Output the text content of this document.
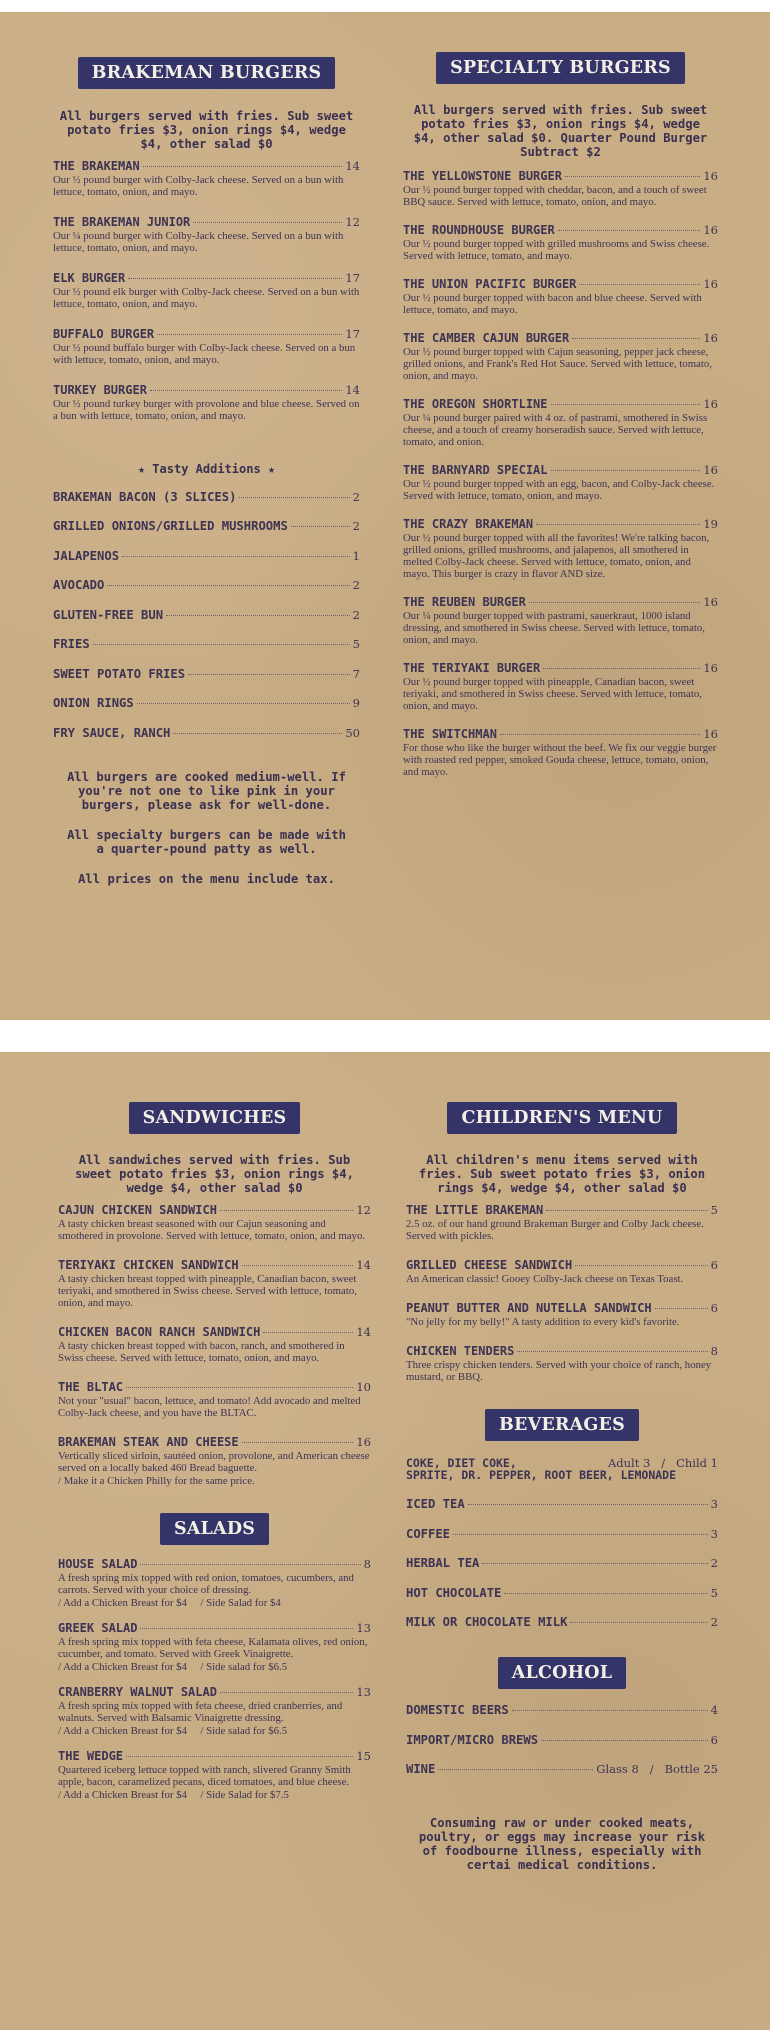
BRAKEMAN BURGERS
All burgers served with fries. Sub sweet potato fries $3, onion rings $4, wedge $4, other salad $0
THE BRAKEMAN	14
Our ½ pound burger with Colby-Jack cheese. Served on a bun with lettuce, tomato, onion, and mayo.
THE BRAKEMAN JUNIOR	12
Our ¼ pound burger with Colby-Jack cheese. Served on a bun with lettuce, tomato, onion, and mayo.
ELK BURGER	17
Our ½ pound elk burger with Colby-Jack cheese. Served on a bun with lettuce, tomato, onion, and mayo.
BUFFALO BURGER	17
Our ½ pound buffalo burger with Colby-Jack cheese. Served on a bun with lettuce, tomato, onion, and mayo.
TURKEY BURGER	14
Our ½ pound turkey burger with provolone and blue cheese. Served on a bun with lettuce, tomato, onion, and mayo.
★ Tasty Additions ★
BRAKEMAN BACON (3 SLICES)	2
GRILLED ONIONS/GRILLED MUSHROOMS	2
JALAPENOS	1
AVOCADO	2
GLUTEN-FREE BUN	2
FRIES	5
SWEET POTATO FRIES	7
ONION RINGS	9
FRY SAUCE, RANCH	50
All burgers are cooked medium-well. If you're not one to like pink in your burgers, please ask for well-done.
All specialty burgers can be made with a quarter-pound patty as well.
All prices on the menu include tax.
SPECIALTY BURGERS
All burgers served with fries. Sub sweet potato fries $3, onion rings $4, wedge $4, other salad $0. Quarter Pound Burger Subtract $2
THE YELLOWSTONE BURGER	16
Our ½ pound burger topped with cheddar, bacon, and a touch of sweet BBQ sauce. Served with lettuce, tomato, onion, and mayo.
THE ROUNDHOUSE BURGER	16
Our ½ pound burger topped with grilled mushrooms and Swiss cheese. Served with lettuce, tomato, and mayo.
THE UNION PACIFIC BURGER	16
Our ½ pound burger topped with bacon and blue cheese. Served with lettuce, tomato, and mayo.
THE CAMBER CAJUN BURGER	16
Our ½ pound burger topped with Cajun seasoning, pepper jack cheese, grilled onions, and Frank's Red Hot Sauce. Served with lettuce, tomato, onion, and mayo.
THE OREGON SHORTLINE	16
Our ¼ pound burger paired with 4 oz. of pastrami, smothered in Swiss cheese, and a touch of creamy horseradish sauce. Served with lettuce, tomato, and onion.
THE BARNYARD SPECIAL	16
Our ½ pound burger topped with an egg, bacon, and Colby-Jack cheese. Served with lettuce, tomato, onion, and mayo.
THE CRAZY BRAKEMAN	19
Our ½ pound burger topped with all the favorites! We're talking bacon, grilled onions, grilled mushrooms, and jalapenos, all smothered in melted Colby-Jack cheese. Served with lettuce, tomato, onion, and mayo. This burger is crazy in flavor AND size.
THE REUBEN BURGER	16
Our ¼ pound burger topped with pastrami, sauerkraut, 1000 island dressing, and smothered in Swiss cheese. Served with lettuce, tomato, onion, and mayo.
THE TERIYAKI BURGER	16
Our ½ pound burger topped with pineapple, Canadian bacon, sweet teriyaki, and smothered in Swiss cheese. Served with lettuce, tomato, onion, and mayo.
THE SWITCHMAN	16
For those who like the burger without the beef. We fix our veggie burger with roasted red pepper, smoked Gouda cheese, lettuce, tomato, onion, and mayo.
SANDWICHES
All sandwiches served with fries. Sub sweet potato fries $3, onion rings $4, wedge $4, other salad $0
CAJUN CHICKEN SANDWICH	12
A tasty chicken breast seasoned with our Cajun seasoning and smothered in provolone. Served with lettuce, tomato, onion, and mayo.
TERIYAKI CHICKEN SANDWICH	14
A tasty chicken breast topped with pineapple, Canadian bacon, sweet teriyaki, and smothered in Swiss cheese. Served with lettuce, tomato, onion, and mayo.
CHICKEN BACON RANCH SANDWICH	14
A tasty chicken breast topped with bacon, ranch, and smothered in Swiss cheese. Served with lettuce, tomato, onion, and mayo.
THE BLTAC	10
Not your "usual" bacon, lettuce, and tomato! Add avocado and melted Colby-Jack cheese, and you have the BLTAC.
BRAKEMAN STEAK AND CHEESE	16
Vertically sliced sirloin, sautéed onion, provolone, and American cheese served on a locally baked 460 Bread baguette.
/ Make it a Chicken Philly for the same price.
SALADS
HOUSE SALAD	8
A fresh spring mix topped with red onion, tomatoes, cucumbers, and carrots. Served with your choice of dressing.
/ Add a Chicken Breast for $4     / Side Salad for $4
GREEK SALAD	13
A fresh spring mix topped with feta cheese, Kalamata olives, red onion, cucumber, and tomato. Served with Greek Vinaigrette.
/ Add a Chicken Breast for $4     / Side salad for $6.5
CRANBERRY WALNUT SALAD	13
A fresh spring mix topped with feta cheese, dried cranberries, and walnuts. Served with Balsamic Vinaigrette dressing.
/ Add a Chicken Breast for $4     / Side salad for $6.5
THE WEDGE	15
Quartered iceberg lettuce topped with ranch, slivered Granny Smith apple, bacon, caramelized pecans, diced tomatoes, and blue cheese.
/ Add a Chicken Breast for $4     / Side Salad for $7.5
CHILDREN'S MENU
All children's menu items served with fries. Sub sweet potato fries $3, onion rings $4, wedge $4, other salad $0
THE LITTLE BRAKEMAN	5
2.5 oz. of our hand ground Brakeman Burger and Colby Jack cheese. Served with pickles.
GRILLED CHEESE SANDWICH	6
An American classic! Gooey Colby-Jack cheese on Texas Toast.
PEANUT BUTTER AND NUTELLA SANDWICH	6
"No jelly for my belly!" A tasty addition to every kid's favorite.
CHICKEN TENDERS	8
Three crispy chicken tenders. Served with your choice of ranch, honey mustard, or BBQ.
BEVERAGES
COKE, DIET COKE,	Adult 3   /   Child 1
SPRITE, DR. PEPPER, ROOT BEER, LEMONADE
ICED TEA	3
COFFEE	3
HERBAL TEA	2
HOT CHOCOLATE	5
MILK OR CHOCOLATE MILK	2
ALCOHOL
DOMESTIC BEERS	4
IMPORT/MICRO BREWS	6
WINE	Glass 8   /   Bottle 25
Consuming raw or under cooked meats, poultry, or eggs may increase your risk of foodbourne illness, especially with certai medical conditions.
